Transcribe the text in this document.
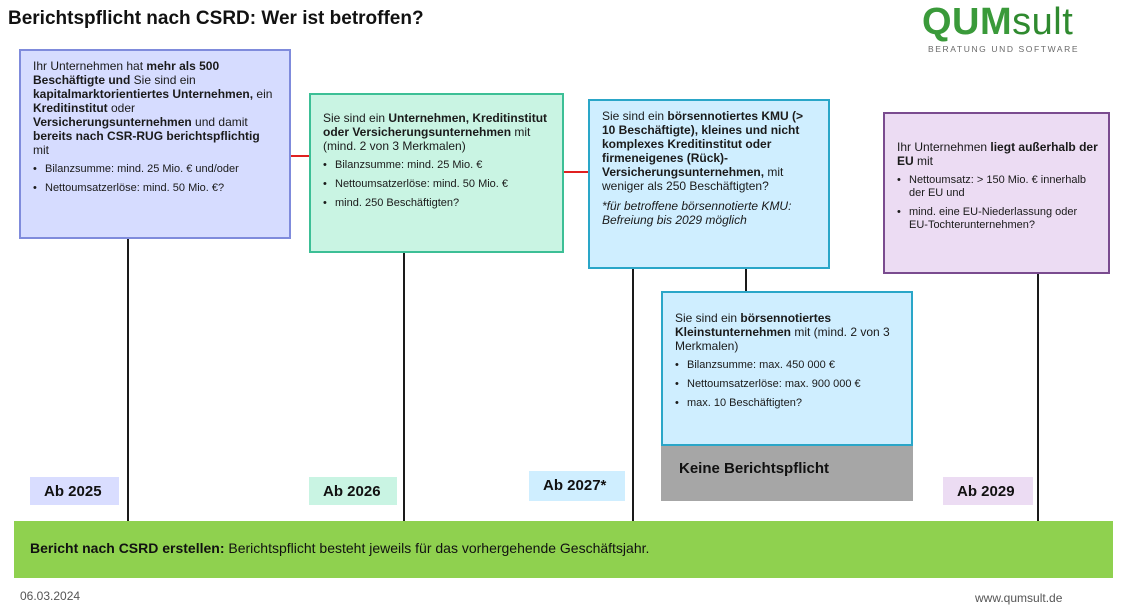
Berichtspflicht nach CSRD: Wer ist betroffen?	QUMsult
BERATUNG UND SOFTWARE

Ihr Unternehmen hat mehr als 500 Beschäftigte und Sie sind ein kapitalmarktorientiertes Unternehmen, ein Kreditinstitut oder Versicherungsunternehmen und damit bereits nach CSR-RUG berichtspflichtig mit

• Bilanzsumme: mind. 25 Mio. € und/oder
• Nettoumsatzerlöse: mind. 50 Mio. €?

Sie sind ein Unternehmen, Kreditinstitut oder Versicherungsunternehmen mit (mind. 2 von 3 Merkmalen)

• Bilanzsumme: mind. 25 Mio. €
• Nettoumsatzerlöse: mind. 50 Mio. €
• mind. 250 Beschäftigten?

Sie sind ein börsennotiertes KMU (> 10 Beschäftigte), kleines und nicht komplexes Kreditinstitut oder firmeneigenes (Rück)-Versicherungsunternehmen, mit weniger als 250 Beschäftigten?

*für betroffene börsennotierte KMU: Befreiung bis 2029 möglich

Sie sind ein börsennotiertes Kleinstunternehmen mit (mind. 2 von 3 Merkmalen)

• Bilanzsumme: max. 450 000 €
• Nettoumsatzerlöse: max. 900 000 €
• max. 10 Beschäftigten?
Keine Berichtspflicht

Ihr Unternehmen liegt außerhalb der EU mit

• Nettoumsatz: > 150 Mio. € innerhalb der EU und
• mind. eine EU-Niederlassung oder EU-Tochterunternehmen?
Ab 2025	Ab 2026	Ab 2027*	Ab 2029
Bericht nach CSRD erstellen: Berichtspflicht besteht jeweils für das vorhergehende Geschäftsjahr.
06.03.2024	www.qumsult.de
